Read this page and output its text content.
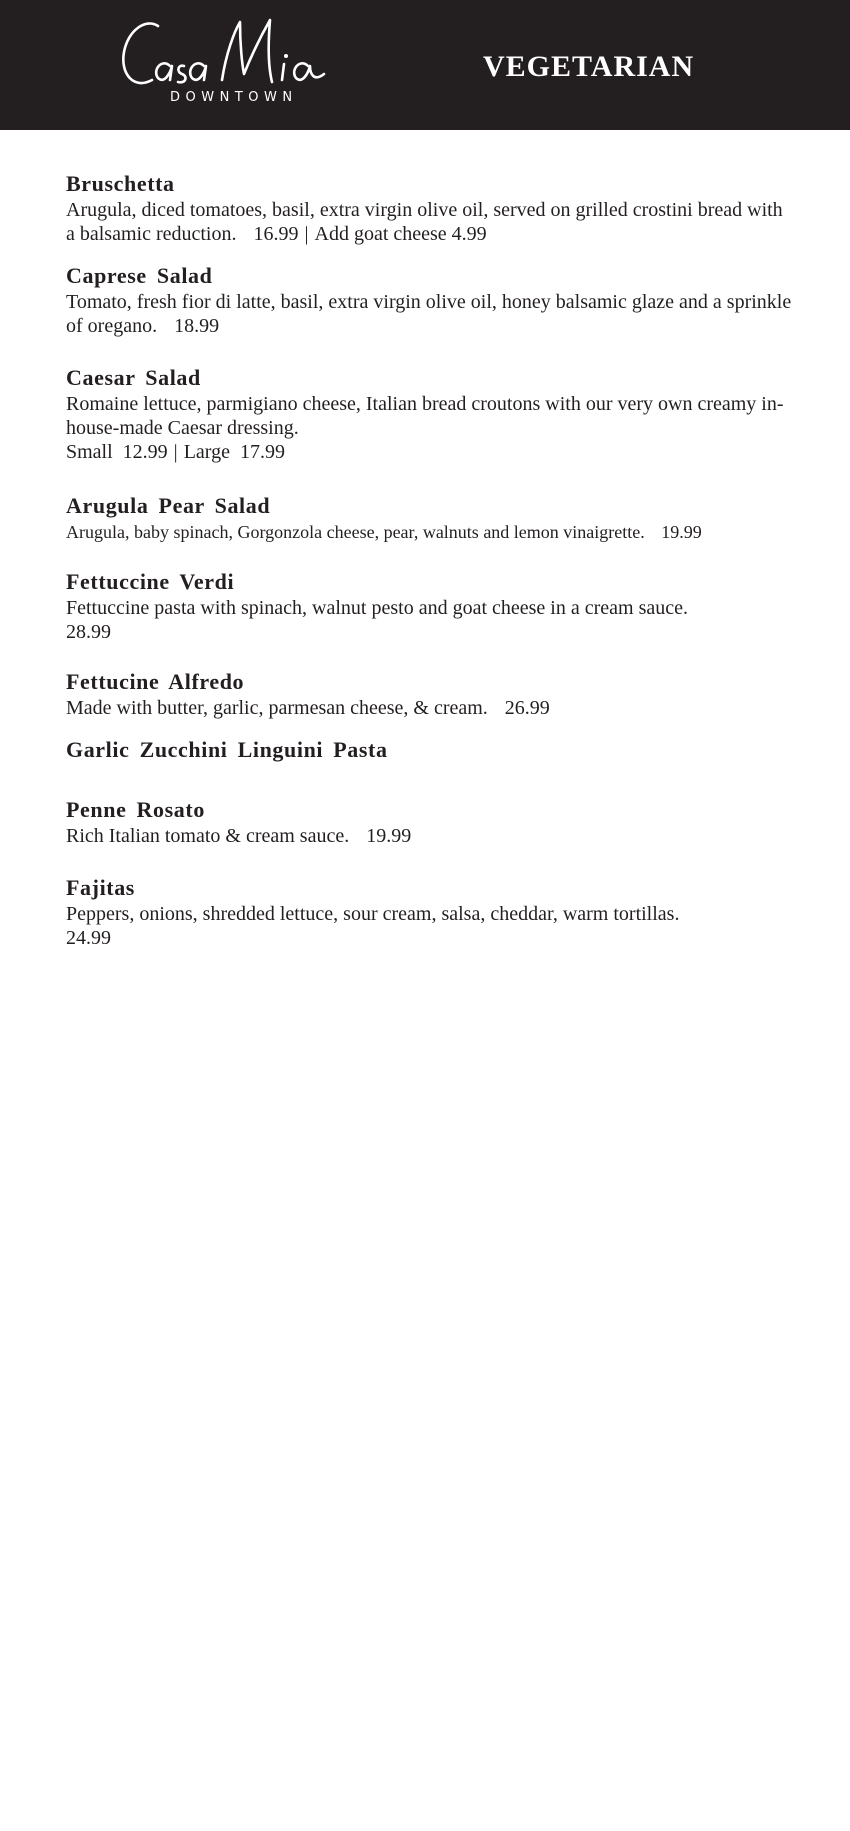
DOWNTOWN
VEGETARIAN
Bruschetta
Arugula, diced tomatoes, basil, extra virgin olive oil, served on grilled crostini bread with a balsamic reduction. 16.99 | Add goat cheese 4.99
Caprese Salad
Tomato, fresh fior di latte, basil, extra virgin olive oil, honey balsamic glaze and a sprinkle of oregano. 18.99
Caesar Salad
Romaine lettuce, parmigiano cheese, Italian bread croutons with our very own creamy in-house-made Caesar dressing.
Small 12.99 | Large 17.99
Arugula Pear Salad
Arugula, baby spinach, Gorgonzola cheese, pear, walnuts and lemon vinaigrette. 19.99
Fettuccine Verdi
Fettuccine pasta with spinach, walnut pesto and goat cheese in a cream sauce.
28.99
Fettucine Alfredo
Made with butter, garlic, parmesan cheese, & cream. 26.99
Garlic Zucchini Linguini Pasta
Penne Rosato
Rich Italian tomato & cream sauce. 19.99
Fajitas
Peppers, onions, shredded lettuce, sour cream, salsa, cheddar, warm tortillas.
24.99
